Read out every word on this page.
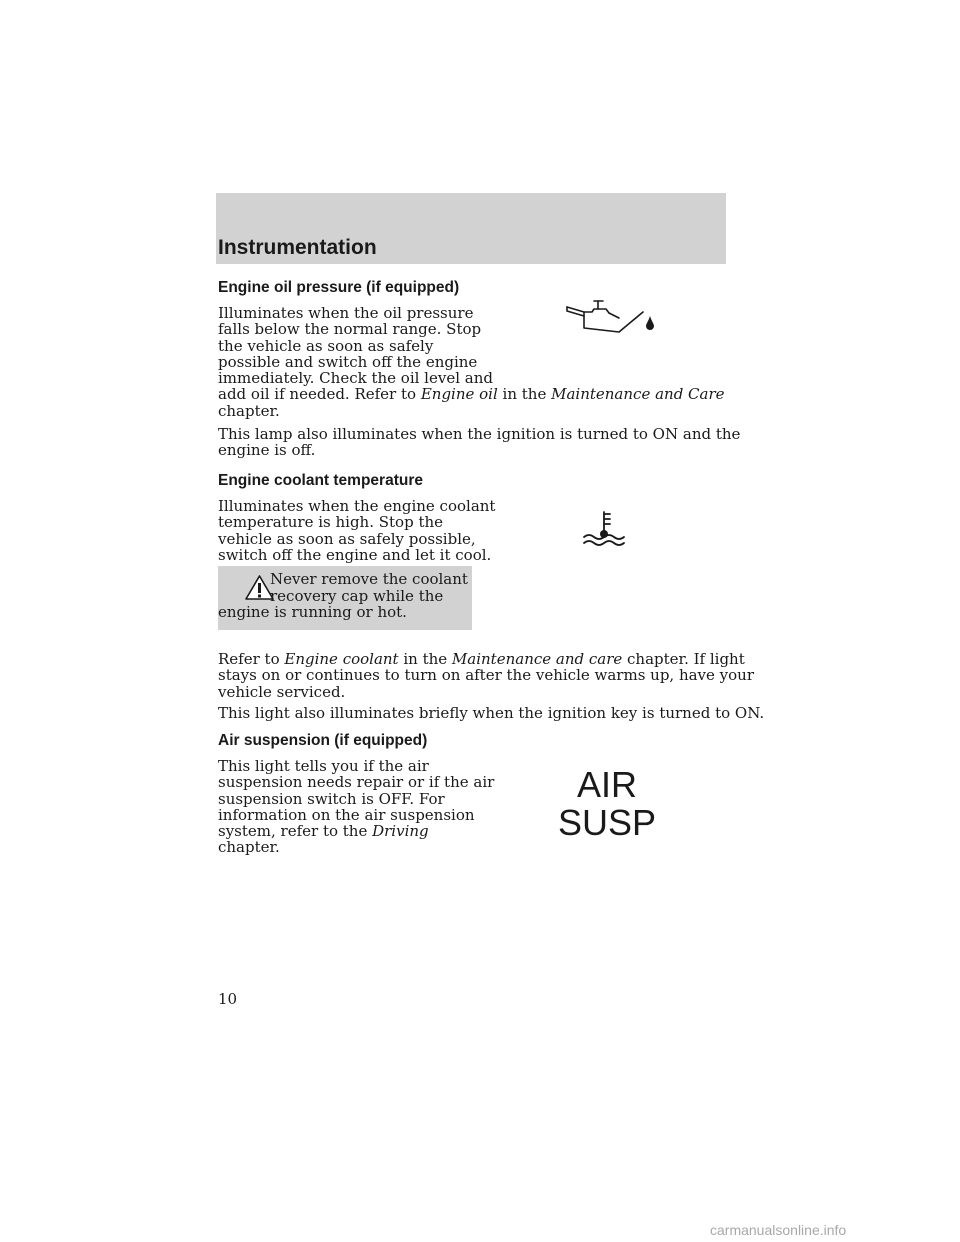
Instrumentation
Engine oil pressure (if equipped)

Illuminates when the oil pressure
falls below the normal range. Stop
the vehicle as soon as safely
possible and switch off the engine
immediately. Check the oil level and
add oil if needed. Refer to Engine oil in the Maintenance and Care
chapter.

This lamp also illuminates when the ignition is turned to ON and the
engine is off.

Engine coolant temperature

Illuminates when the engine coolant
temperature is high. Stop the
vehicle as soon as safely possible,
switch off the engine and let it cool.

Never remove the coolant

recovery cap while the

engine is running or hot.

Refer to Engine coolant in the Maintenance and care chapter. If light
stays on or continues to turn on after the vehicle warms up, have your
vehicle serviced.

This light also illuminates briefly when the ignition key is turned to ON.

Air suspension (if equipped)

This light tells you if the air
suspension needs repair or if the air
suspension switch is OFF. For
information on the air suspension
system, refer to the Driving
chapter.

AIR
SUSP

10

carmanualsonline.info
